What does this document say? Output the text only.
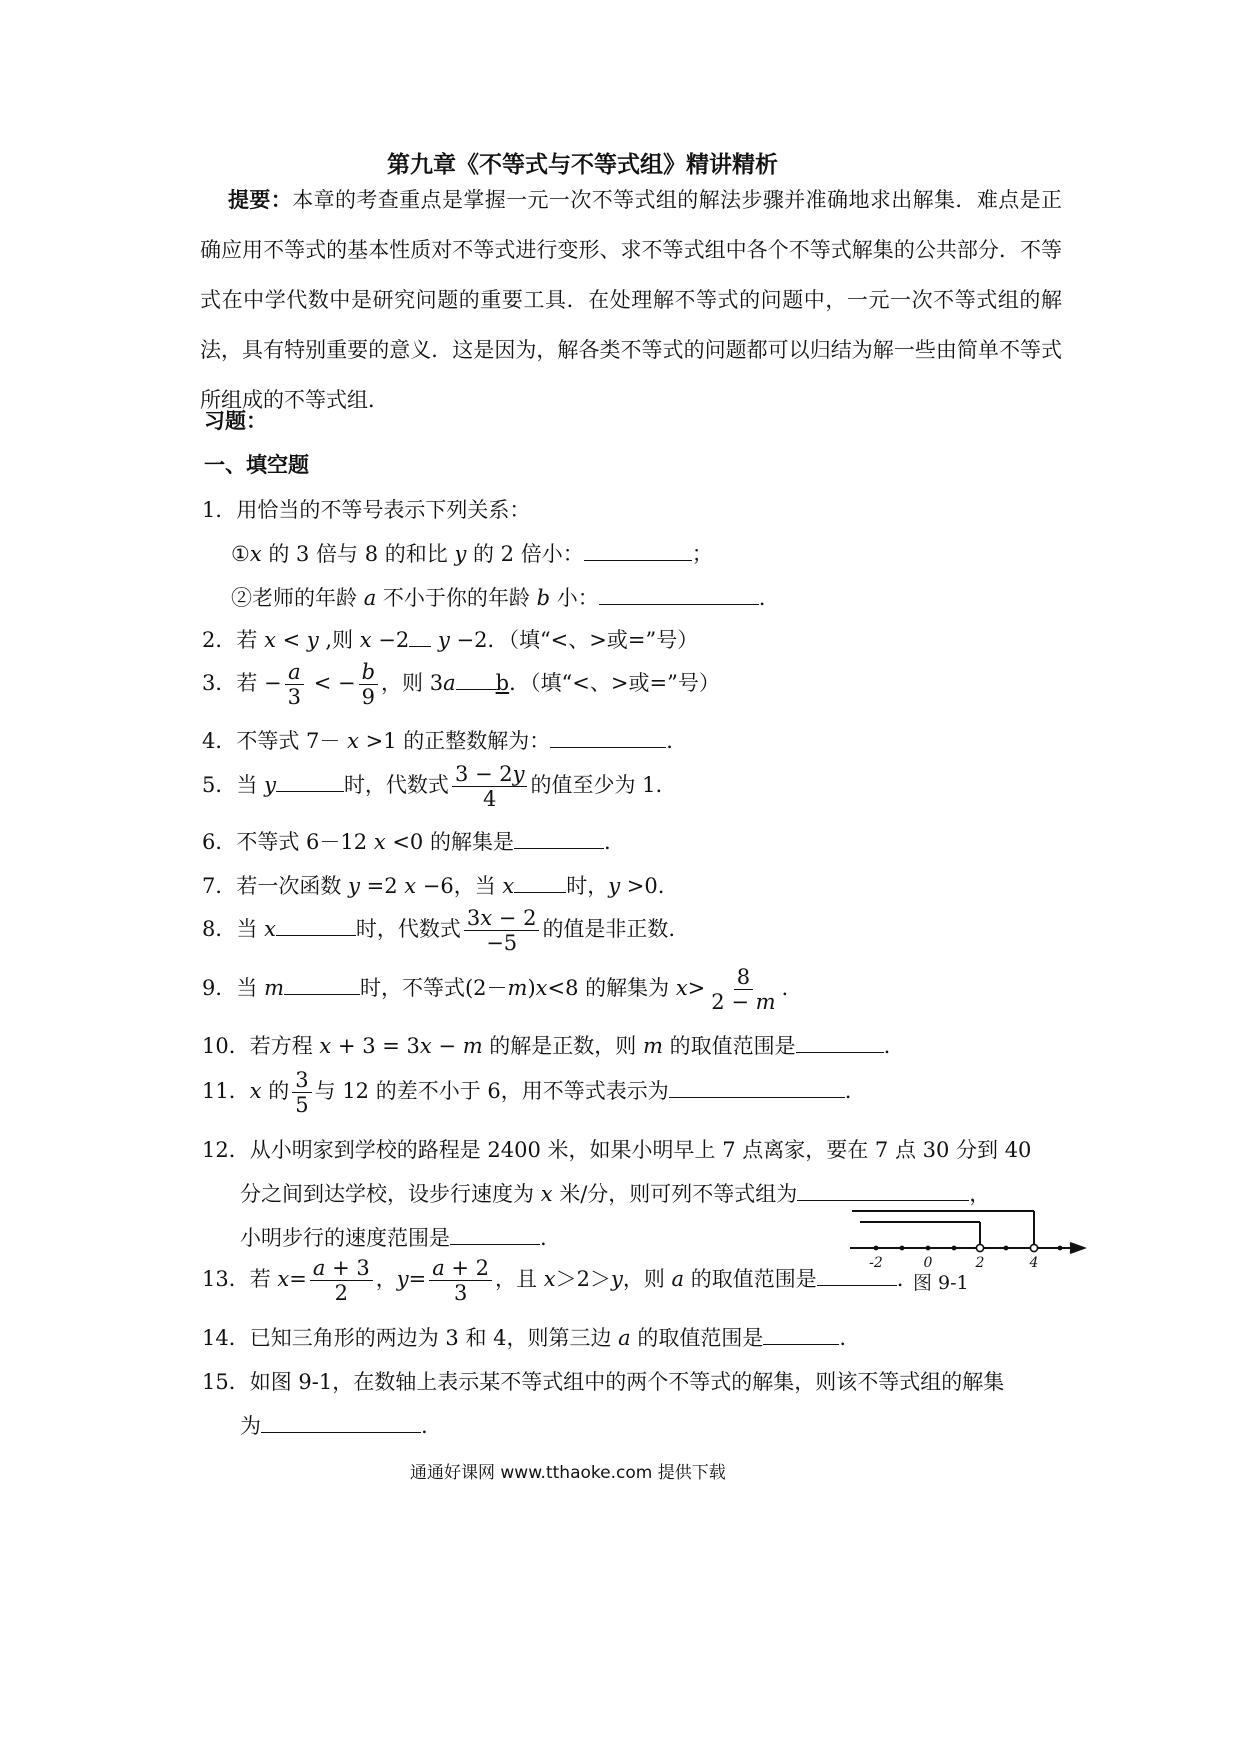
第九章《不等式与不等式组》精讲精析
提要：本章的考查重点是掌握一元一次不等式组的解法步骤并准确地求出解集．难点是正确应用不等式的基本性质对不等式进行变形、求不等式组中各个不等式解集的公共部分．不等式在中学代数中是研究问题的重要工具．在处理解不等式的问题中，一元一次不等式组的解法，具有特别重要的意义．这是因为，解各类不等式的问题都可以归结为解一些由简单不等式所组成的不等式组．
习题：
一、填空题
1．用恰当的不等号表示下列关系：
①x 的 3 倍与 8 的和比 y 的 2 倍小：	；
②老师的年龄 a 不小于你的年龄 b 小：	.
2．若 x < y ,则 x −2 y −2．（填“<、>或=”号）
3．若 − $\frac{a}{3}$ < − $\frac{b}{9}$ ，则 3a b．（填“<、>或=”号）
4．不等式 7－ x >1 的正整数解为：	.
5．当 y	时，代数式 $\frac{3 - 2y}{4}$ 的值至少为 1.
6．不等式 6－12 x <0 的解集是	.
7．若一次函数 y =2 x −6，当 x 时，y >0.
8．当 x	时，代数式 $\frac{3x - 2}{-5}$ 的值是非正数.
9．当 m	时，不等式(2－m)x<8 的解集为 $x> \frac{8}{2 - m}$ .
10．若方程 x + 3 = 3x − m 的解是正数，则 m 的取值范围是	.
11．x 的 $\frac{3}{5}$ 与 12 的差不小于 6，用不等式表示为	.
12．从小明家到学校的路程是 2400 米，如果小明早上 7 点离家，要在 7 点 30 分到 40
分之间到达学校，设步行速度为 x 米/分，则可列不等式组为	，
小明步行的速度范围是	.
-2	0	2	4
图 9-1
13．若 $x= \frac{a + 3}{2}$ ，$y= \frac{a + 2}{3}$ ，且 x＞2＞y，则 a 的取值范围是	.
14．已知三角形的两边为 3 和 4，则第三边 a 的取值范围是	.
15．如图 9-1，在数轴上表示某不等式组中的两个不等式的解集，则该不等式组的解集
为	.
通通好课网 www.tthaoke.com 提供下载
